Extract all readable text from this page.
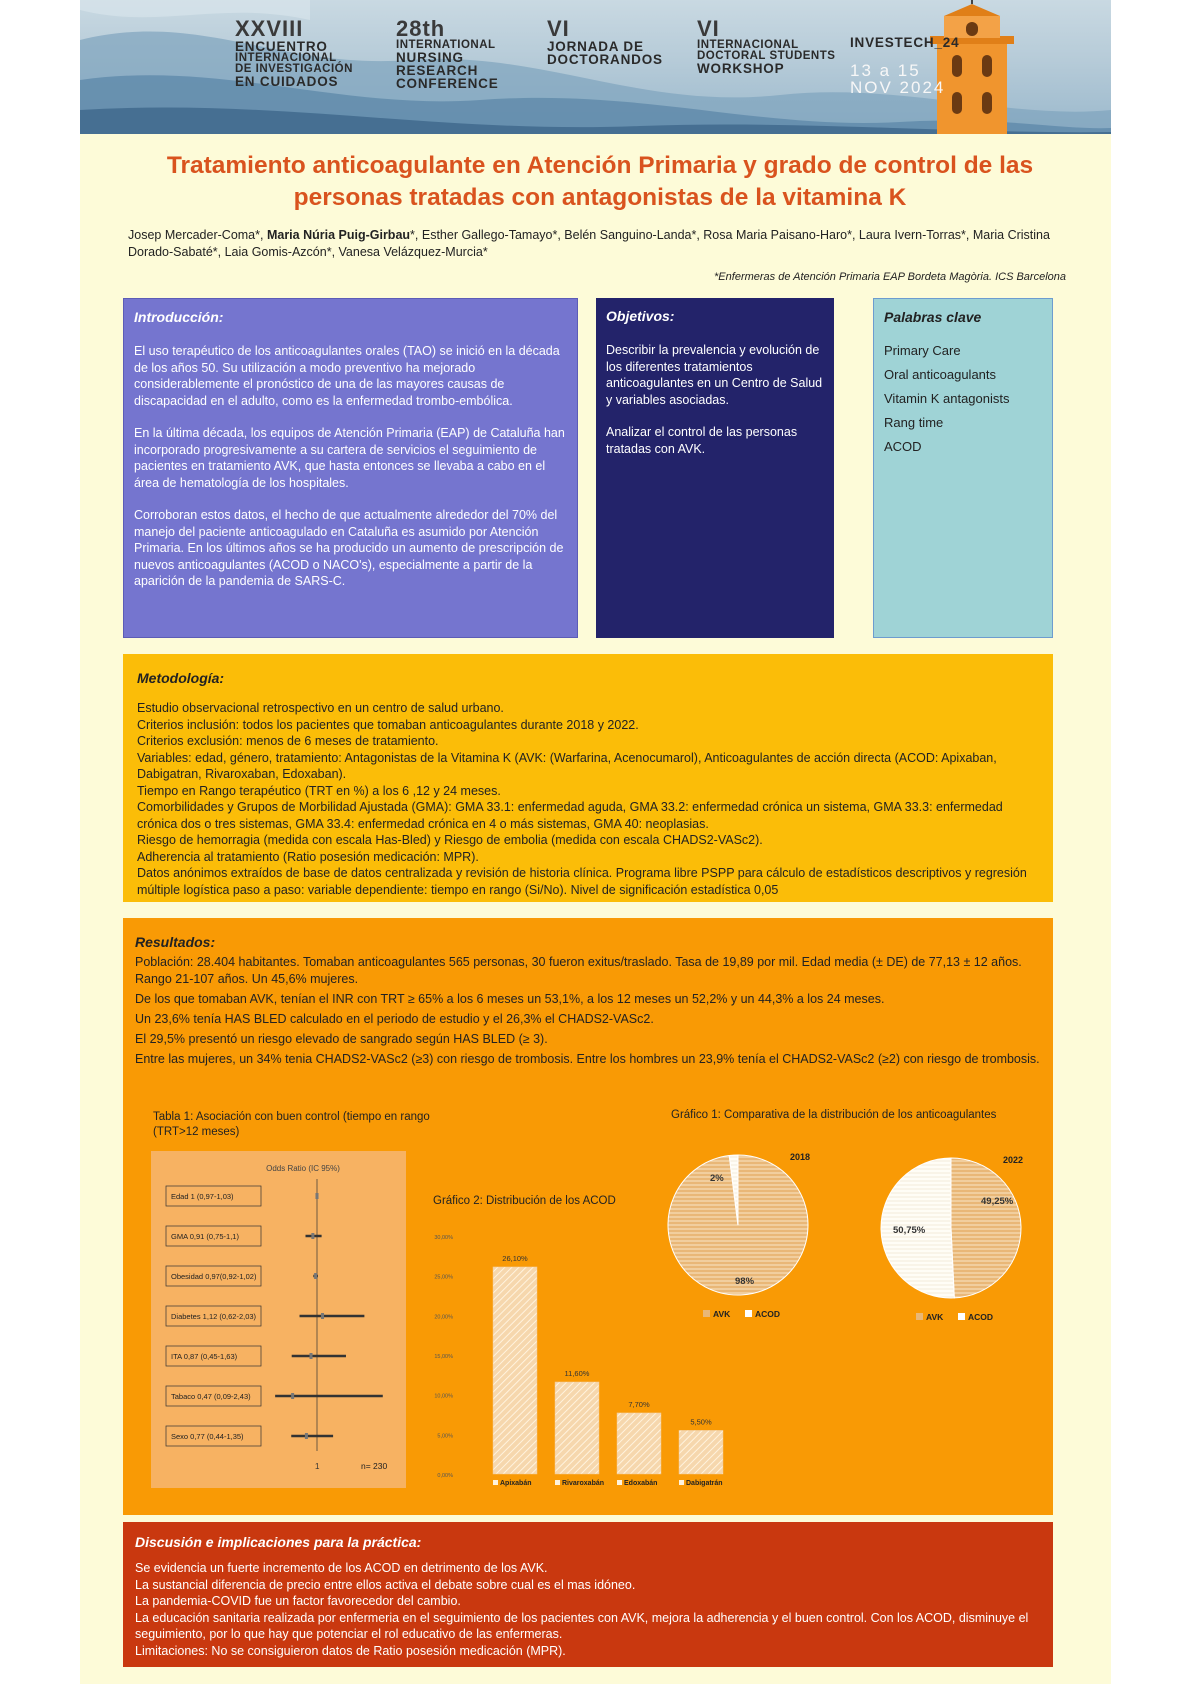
XXVIII
ENCUENTRO
INTERNACIONAL
DE INVESTIGACIÓN
EN CUIDADOS
28th
INTERNATIONAL
NURSING
RESEARCH
CONFERENCE
VI
JORNADA DE
DOCTORANDOS
VI
INTERNACIONAL
DOCTORAL STUDENTS
WORKSHOP
INVESTECH_24
13 a 15
NOV 2024
Tratamiento anticoagulante en Atención Primaria y grado de control de las personas tratadas con antagonistas de la vitamina K
Josep Mercader-Coma*, Maria Núria Puig-Girbau*, Esther Gallego-Tamayo*, Belén Sanguino-Landa*, Rosa Maria Paisano-Haro*, Laura Ivern-Torras*, Maria Cristina Dorado-Sabaté*, Laia Gomis-Azcón*, Vanesa Velázquez-Murcia*
*Enfermeras de Atención Primaria EAP Bordeta Magòria. ICS Barcelona
Introducción:

El uso terapéutico de los anticoagulantes orales (TAO) se inició en la década de los años 50. Su utilización a modo preventivo ha mejorado considerablemente el pronóstico de una de las mayores causas de discapacidad en el adulto, como es la enfermedad trombo-embólica.

En la última década, los equipos de Atención Primaria (EAP) de Cataluña han incorporado progresivamente a su cartera de servicios el seguimiento de pacientes en tratamiento AVK, que hasta entonces se llevaba a cabo en el área de hematología de los hospitales.

Corroboran estos datos, el hecho de que actualmente alrededor del 70% del manejo del paciente anticoagulado en Cataluña es asumido por Atención Primaria. En los últimos años se ha producido un aumento de prescripción de nuevos anticoagulantes (ACOD o NACO's), especialmente a partir de la aparición de la pandemia de SARS-C.

Objetivos:

Describir la prevalencia y evolución de los diferentes tratamientos anticoagulantes en un Centro de Salud y variables asociadas.

Analizar el control de las personas tratadas con AVK.

Palabras clave
Primary Care
Oral anticoagulants
Vitamin K antagonists
Rang time
ACOD
Metodología:
Estudio observacional retrospectivo en un centro de salud urbano.
Criterios inclusión: todos los pacientes que tomaban anticoagulantes durante 2018 y 2022.
Criterios exclusión: menos de 6 meses de tratamiento.
Variables: edad, género, tratamiento: Antagonistas de la Vitamina K (AVK: (Warfarina, Acenocumarol), Anticoagulantes de acción directa (ACOD: Apixaban, Dabigatran, Rivaroxaban, Edoxaban).
Tiempo en Rango terapéutico (TRT en %) a los 6 ,12 y 24 meses.
Comorbilidades y Grupos de Morbilidad Ajustada (GMA): GMA 33.1: enfermedad aguda, GMA 33.2: enfermedad crónica un sistema, GMA 33.3: enfermedad crónica dos o tres sistemas, GMA 33.4: enfermedad crónica en 4 o más sistemas, GMA 40: neoplasias.
Riesgo de hemorragia (medida con escala Has-Bled) y Riesgo de embolia (medida con escala CHADS2-VASc2).
Adherencia al tratamiento (Ratio posesión medicación: MPR).
Datos anónimos extraídos de base de datos centralizada y revisión de historia clínica. Programa libre PSPP para cálculo de estadísticos descriptivos y regresión múltiple logística paso a paso: variable dependiente: tiempo en rango (Si/No). Nivel de significación estadística 0,05
Resultados:
Población: 28.404 habitantes. Tomaban anticoagulantes 565 personas, 30 fueron exitus/traslado. Tasa de 19,89 por mil. Edad media (± DE) de 77,13 ± 12 años. Rango 21-107 años. Un 45,6% mujeres.
De los que tomaban AVK, tenían el INR con TRT ≥ 65% a los 6 meses un 53,1%, a los 12 meses un 52,2% y un 44,3% a los 24 meses.
Un 23,6% tenía HAS BLED calculado en el periodo de estudio y el 26,3% el CHADS2-VASc2.
El 29,5% presentó un riesgo elevado de sangrado según HAS BLED (≥ 3).
Entre las mujeres, un 34% tenia CHADS2-VASc2 (≥3) con riesgo de trombosis. Entre los hombres un 23,9% tenía el CHADS2-VASc2 (≥2) con riesgo de trombosis.
Tabla 1: Asociación con buen control (tiempo en rango (TRT>12 meses)
Gráfico 1: Comparativa de la distribución de los anticoagulantes
Gráfico 2: Distribución de los ACOD
Odds Ratio (IC 95%)
Edad 1 (0,97-1,03)
GMA 0,91 (0,75-1,1)
Obesidad 0,97(0,92-1,02)
Diabetes 1,12 (0,62-2,03)
ITA 0,87 (0,45-1,63)
Tabaco 0,47 (0,09-2,43)
Sexo 0,77 (0,44-1,35)
1	n= 230
0,00%
5,00%
10,00%
15,00%
20,00%
25,00%
30,00%
26,10%
Apixabán
11,60%
Rivaroxabán
7,70%
Edoxabán
5,50%
Dabigatrán
2018
98%
2%
AVK	ACOD
2022
49,25%
50,75%
AVK	ACOD
Discusión e implicaciones para la práctica:
Se evidencia un fuerte incremento de los ACOD en detrimento de los AVK.
La sustancial diferencia de precio entre ellos activa el debate sobre cual es el mas idóneo.
La pandemia-COVID fue un factor favorecedor del cambio.
La educación sanitaria realizada por enfermeria en el seguimiento de los pacientes con AVK, mejora la adherencia y el buen control. Con los ACOD, disminuye el seguimiento, por lo que hay que potenciar el rol educativo de las enfermeras.
Limitaciones: No se consiguieron datos de Ratio posesión medicación (MPR).
